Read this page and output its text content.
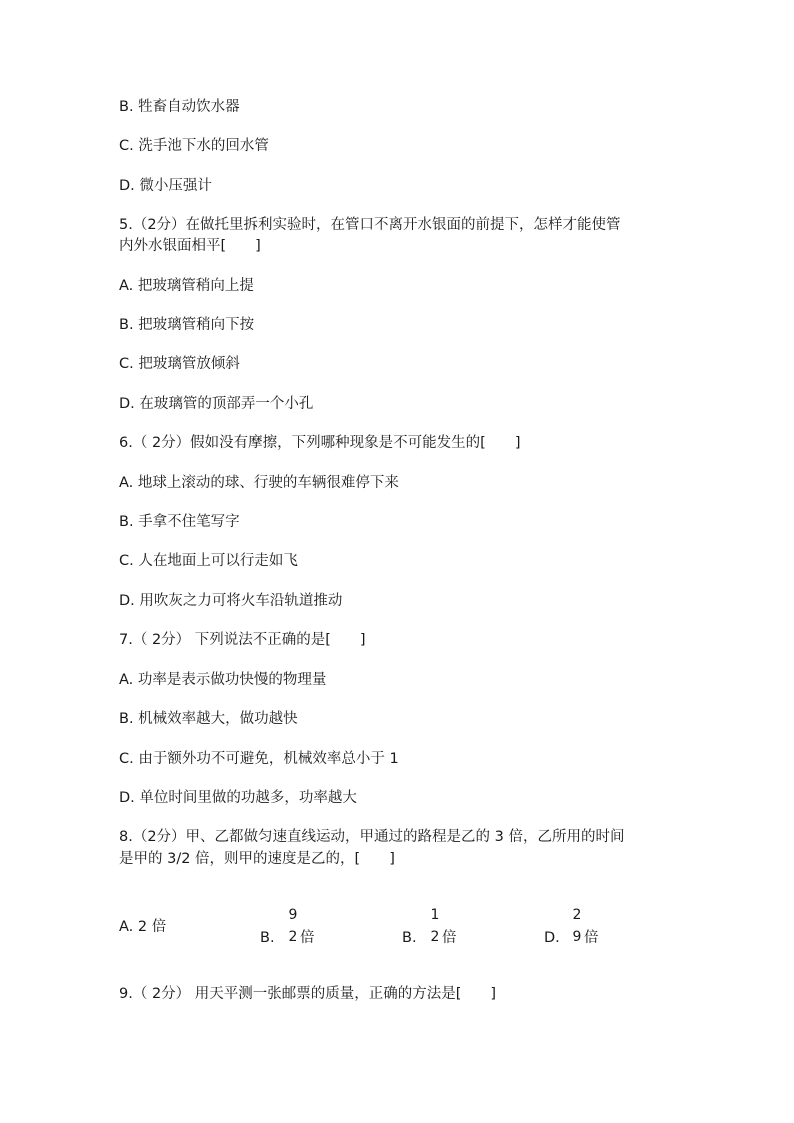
B. 牲畜自动饮水器
C. 洗手池下水的回水管
D. 微小压强计
5.（2分）在做托里拆利实验时，在管口不离开水银面的前提下，怎样才能使管
内外水银面相平[　　]
A. 把玻璃管稍向上提
B. 把玻璃管稍向下按
C. 把玻璃管放倾斜
D. 在玻璃管的顶部弄一个小孔
6.（ 2分）假如没有摩擦，下列哪种现象是不可能发生的[　　]
A. 地球上滚动的球、行驶的车辆很难停下来
B. 手拿不住笔写字
C. 人在地面上可以行走如飞
D. 用吹灰之力可将火车沿轨道推动
7.（ 2分） 下列说法不正确的是[　　]
A. 功率是表示做功快慢的物理量
B. 机械效率越大，做功越快
C. 由于额外功不可避免，机械效率总小于 1
D. 单位时间里做的功越多，功率越大
8.（2分）甲、乙都做匀速直线运动，甲通过的路程是乙的 3 倍，乙所用的时间
是甲的 3/2 倍，则甲的速度是乙的，[　　]
A. 2 倍
B.
9
2 倍	B.
1
2 倍	D.
2
9 倍
9.（ 2分） 用天平测一张邮票的质量，正确的方法是[　　]
